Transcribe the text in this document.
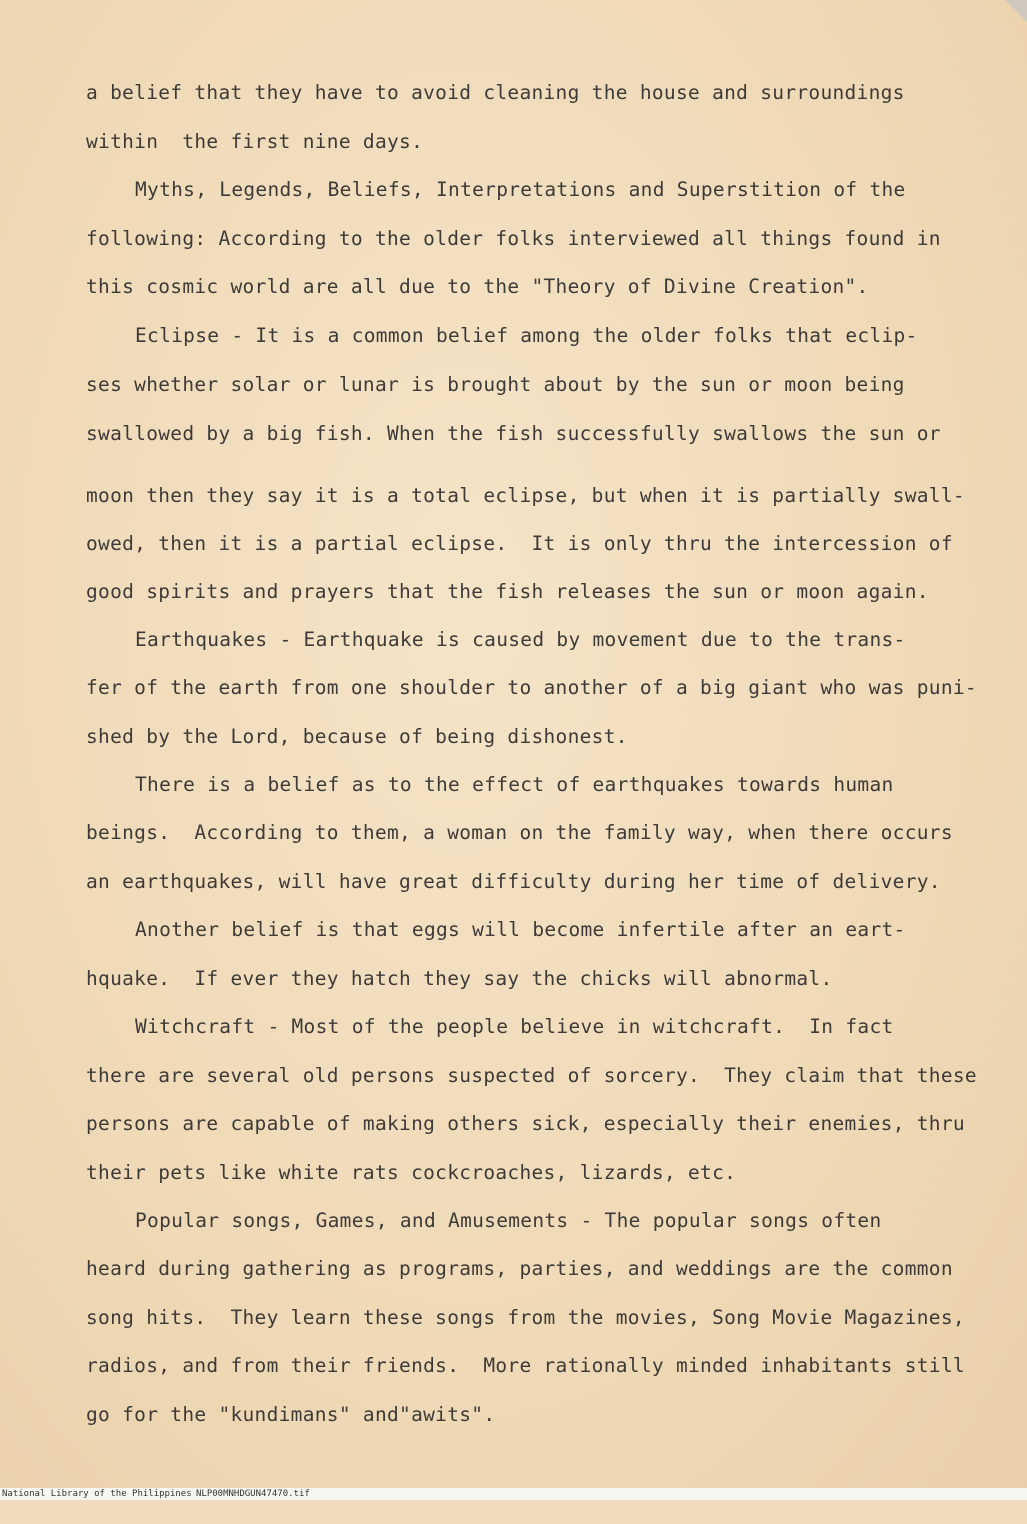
a belief that they have to avoid cleaning the house and surroundings

within  the first nine days.

Myths, Legends, Beliefs, Interpretations and Superstition of the

following: According to the older folks interviewed all things found in

this cosmic world are all due to the "Theory of Divine Creation".

Eclipse - It is a common belief among the older folks that eclip-

ses whether solar or lunar is brought about by the sun or moon being

swallowed by a big fish. When the fish successfully swallows the sun or

moon then they say it is a total eclipse, but when it is partially swall-

owed, then it is a partial eclipse.  It is only thru the intercession of

good spirits and prayers that the fish releases the sun or moon again.

Earthquakes - Earthquake is caused by movement due to the trans-

fer of the earth from one shoulder to another of a big giant who was puni-

shed by the Lord, because of being dishonest.

There is a belief as to the effect of earthquakes towards human

beings.  According to them, a woman on the family way, when there occurs

an earthquakes, will have great difficulty during her time of delivery.

Another belief is that eggs will become infertile after an eart-

hquake.  If ever they hatch they say the chicks will abnormal.

Witchcraft - Most of the people believe in witchcraft.  In fact

there are several old persons suspected of sorcery.  They claim that these

persons are capable of making others sick, especially their enemies, thru

their pets like white rats cockcroaches, lizards, etc.

Popular songs, Games, and Amusements - The popular songs often

heard during gathering as programs, parties, and weddings are the common

song hits.  They learn these songs from the movies, Song Movie Magazines,

radios, and from their friends.  More rationally minded inhabitants still

go for the "kundimans" and"awits".

National Library of the Philippines

NLP00MNHDGUN47470.tif
